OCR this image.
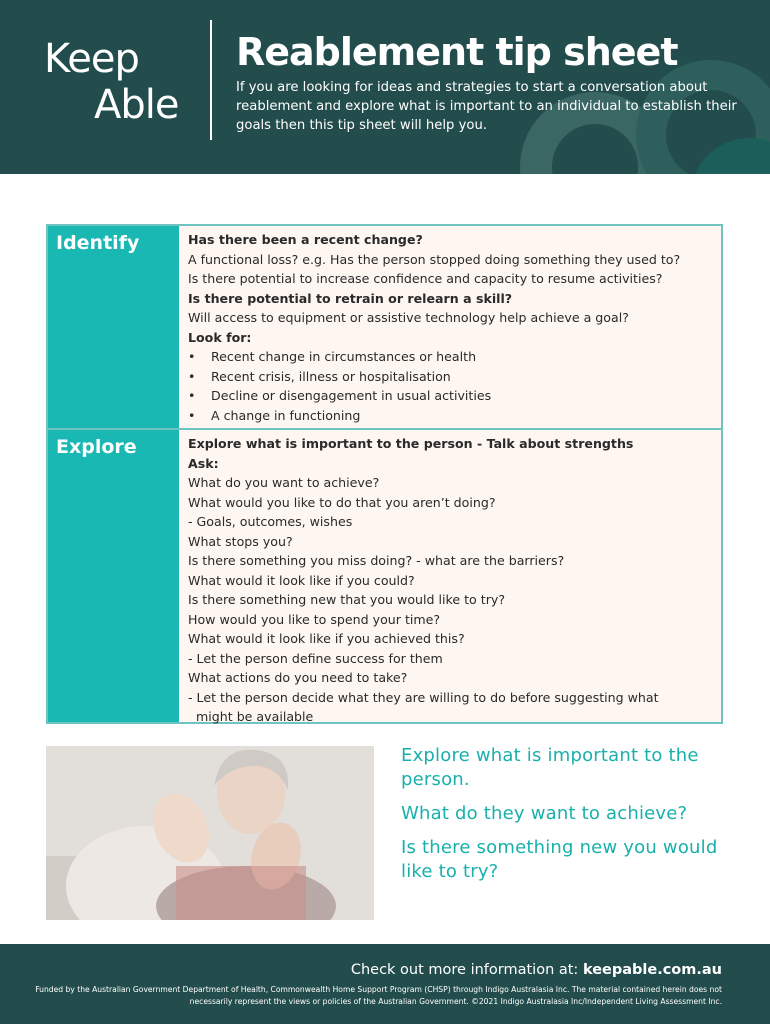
Keep
Able
Reablement tip sheet
If you are looking for ideas and strategies to start a conversation about reablement and explore what is important to an individual to establish their goals then this tip sheet will help you.
Identify	Has there been a recent change?
A functional loss? e.g. Has the person stopped doing something they used to?
Is there potential to increase confidence and capacity to resume activities?
Is there potential to retrain or relearn a skill?
Will access to equipment or assistive technology help achieve a goal?
Look for:
•	Recent change in circumstances or health
•	Recent crisis, illness or hospitalisation
•	Decline or disengagement in usual activities
•	A change in functioning
Explore	Explore what is important to the person - Talk about strengths
Ask:
What do you want to achieve?
What would you like to do that you aren’t doing?
- Goals, outcomes, wishes
What stops you?
Is there something you miss doing? - what are the barriers?
What would it look like if you could?
Is there something new that you would like to try?
How would you like to spend your time?
What would it look like if you achieved this?
- Let the person define success for them
What actions do you need to take?
- Let the person decide what they are willing to do before suggesting what
might be available

Explore what is important to the person.

What do they want to achieve?

Is there something new you would like to try?

Check out more information at: keepable.com.au
Funded by the Australian Government Department of Health, Commonwealth Home Support Program (CHSP) through Indigo Australasia Inc. The material contained herein does not necessarily represent the views or policies of the Australian Government. ©2021 Indigo Australasia Inc/Independent Living Assessment Inc.
